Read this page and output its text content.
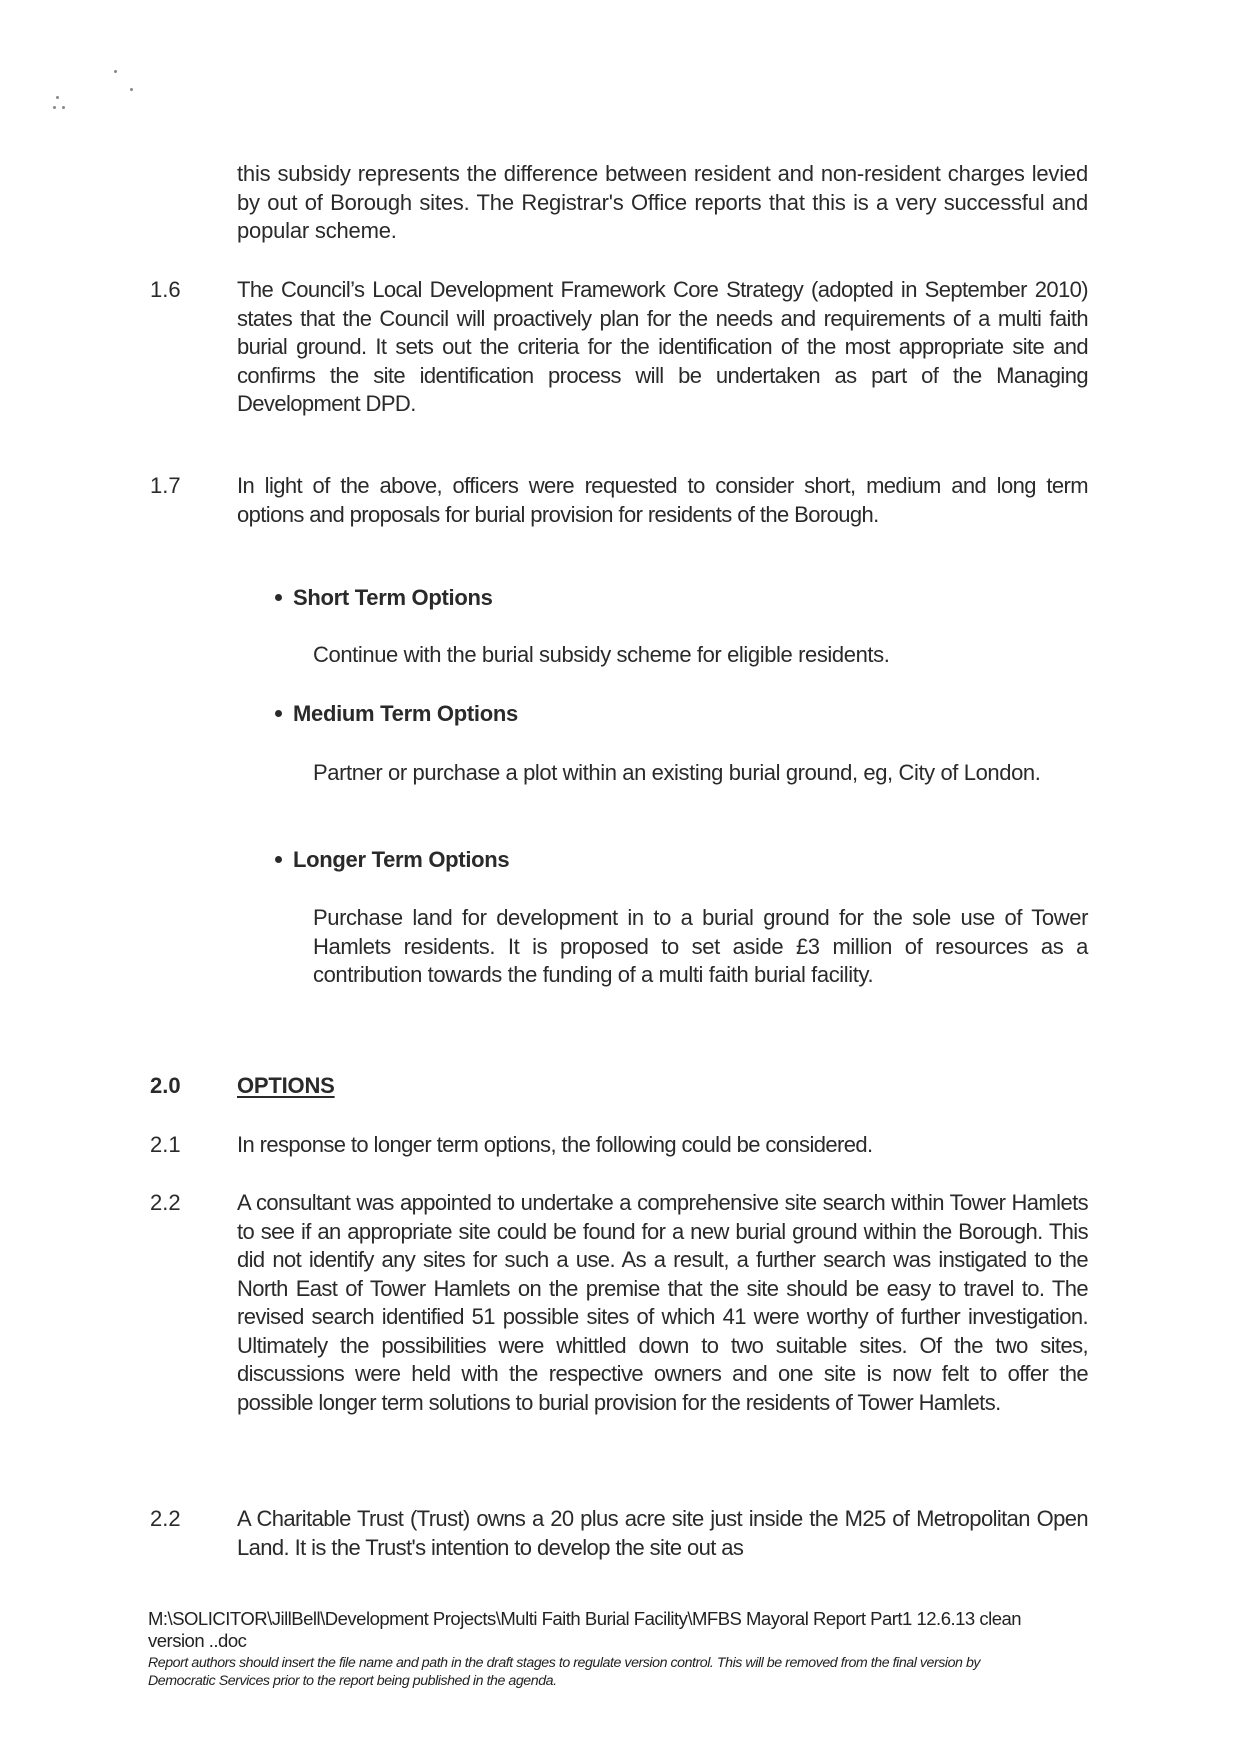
this subsidy represents the difference between resident and non-resident charges levied by out of Borough sites. The Registrar's Office reports that this is a very successful and popular scheme.
1.6	The Council’s Local Development Framework Core Strategy (adopted in September 2010) states that the Council will proactively plan for the needs and requirements of a multi faith burial ground. It sets out the criteria for the identification of the most appropriate site and confirms the site identification process will be undertaken as part of the Managing Development DPD.
1.7	In light of the above, officers were requested to consider short, medium and long term options and proposals for burial provision for residents of the Borough.
Short Term Options
Continue with the burial subsidy scheme for eligible residents.
Medium Term Options
Partner or purchase a plot within an existing burial ground, eg, City of London.
Longer Term Options
Purchase land for development in to a burial ground for the sole use of Tower Hamlets residents. It is proposed to set aside £3 million of resources as a contribution towards the funding of a multi faith burial facility.
2.0	OPTIONS
2.1	In response to longer term options, the following could be considered.
2.2	A consultant was appointed to undertake a comprehensive site search within Tower Hamlets to see if an appropriate site could be found for a new burial ground within the Borough. This did not identify any sites for such a use. As a result, a further search was instigated to the North East of Tower Hamlets on the premise that the site should be easy to travel to. The revised search identified 51 possible sites of which 41 were worthy of further investigation. Ultimately the possibilities were whittled down to two suitable sites. Of the two sites, discussions were held with the respective owners and one site is now felt to offer the possible longer term solutions to burial provision for the residents of Tower Hamlets.
2.2	A Charitable Trust (Trust) owns a 20 plus acre site just inside the M25 of Metropolitan Open Land. It is the Trust's intention to develop the site out as
M:\SOLICITOR\JillBell\Development Projects\Multi Faith Burial Facility\MFBS Mayoral Report Part1 12.6.13 clean version ..doc
Report authors should insert the file name and path in the draft stages to regulate version control. This will be removed from the final version by Democratic Services prior to the report being published in the agenda.
